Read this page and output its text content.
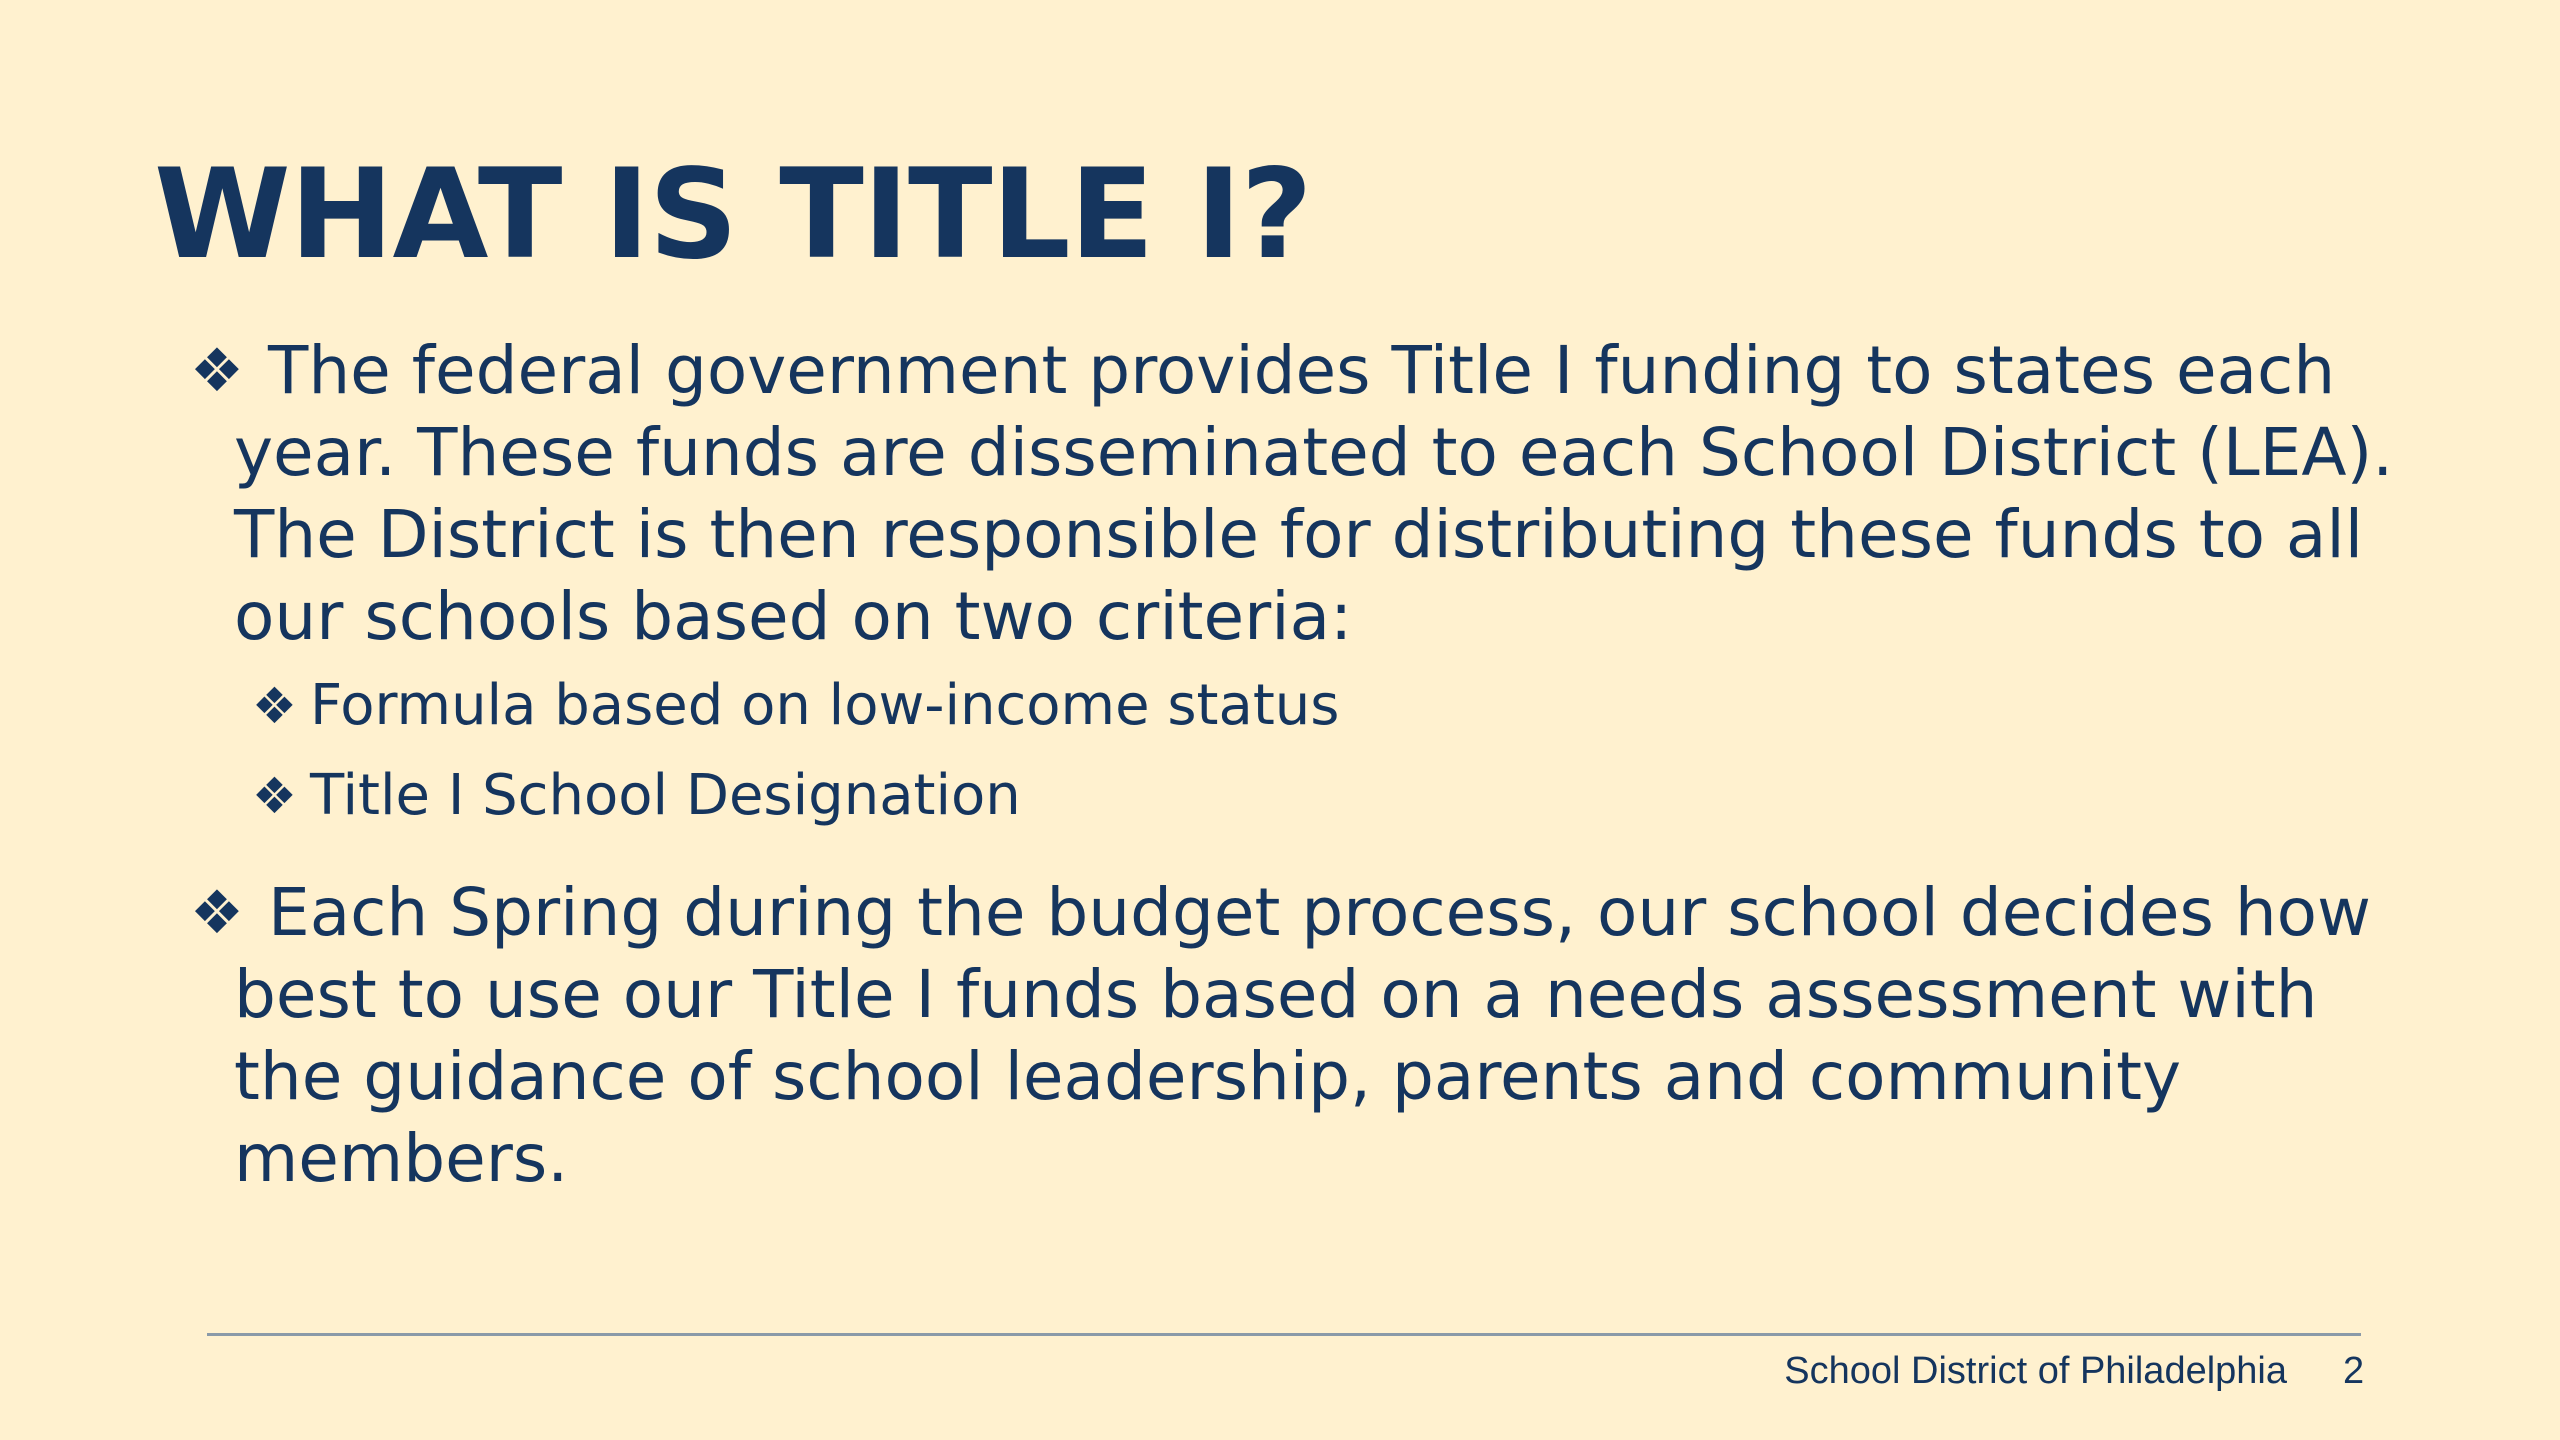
WHAT IS TITLE I?
❖ The federal government provides Title I funding to states each year. These funds are disseminated to each School District (LEA). The District is then responsible for distributing these funds to all our schools based on two criteria:
❖ Formula based on low-income status
❖ Title I School Designation
❖ Each Spring during the budget process, our school decides how best to use our Title I funds based on a needs assessment with the guidance of school leadership, parents and community members.
School District of Philadelphia 2
